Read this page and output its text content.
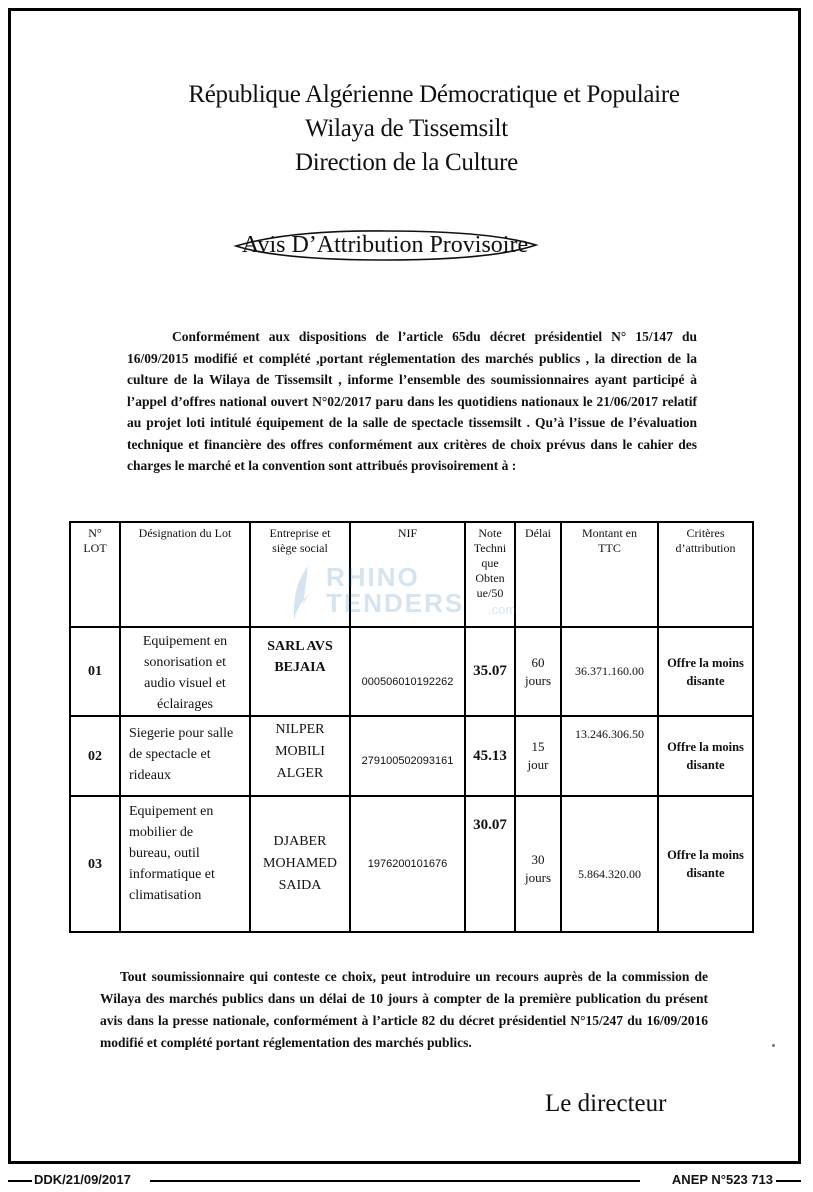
République Algérienne Démocratique et Populaire
Wilaya de Tissemsilt
Direction de la Culture
Avis D’Attribution Provisoire
Conformément aux dispositions de l’article 65du décret présidentiel N° 15/147 du 16/09/2015 modifié et complété ,portant réglementation des marchés publics , la direction de la culture de la Wilaya de Tissemsilt , informe l’ensemble des soumissionnaires ayant participé à l’appel d’offres national ouvert N°02/2017 paru dans les quotidiens nationaux le 21/06/2017 relatif au projet loti intitulé équipement de la salle de spectacle tissemsilt . Qu’à l’issue de l’évaluation technique et financière des offres conformément aux critères de choix prévus dans le cahier des charges le marché et la convention sont attribués provisoirement à :
N° LOT	Désignation du Lot	Entreprise et siège social	NIF	Note Techni que Obten ue/50	Délai	Montant en TTC	Critères d’attribution

01	Equipement en sonorisation et audio visuel et éclairages	SARL AVS BEJAIA	000506010192262	35.07	60 jours	36.371.160.00	Offre la moins disante

02	Siegerie pour salle de spectacle et rideaux	NILPER MOBILI ALGER	279100502093161	45.13	15 jour	13.246.306.50	Offre la moins disante

03	Equipement en mobilier de bureau, outil informatique et climatisation	DJABER MOHAMED SAIDA	1976200101676	30.07	30 jours	5.864.320.00	Offre la moins disante
RHINO
TENDERS .com
Tout soumissionnaire qui conteste ce choix, peut introduire un recours auprès de la commission de Wilaya des marchés publics dans un délai de 10 jours à compter de la première publication du présent avis dans la presse nationale, conformément à l’article 82 du décret présidentiel N°15/247 du 16/09/2016 modifié et complété portant réglementation des marchés publics.
Le directeur
DDK/21/09/2017	ANEP N°523 713
